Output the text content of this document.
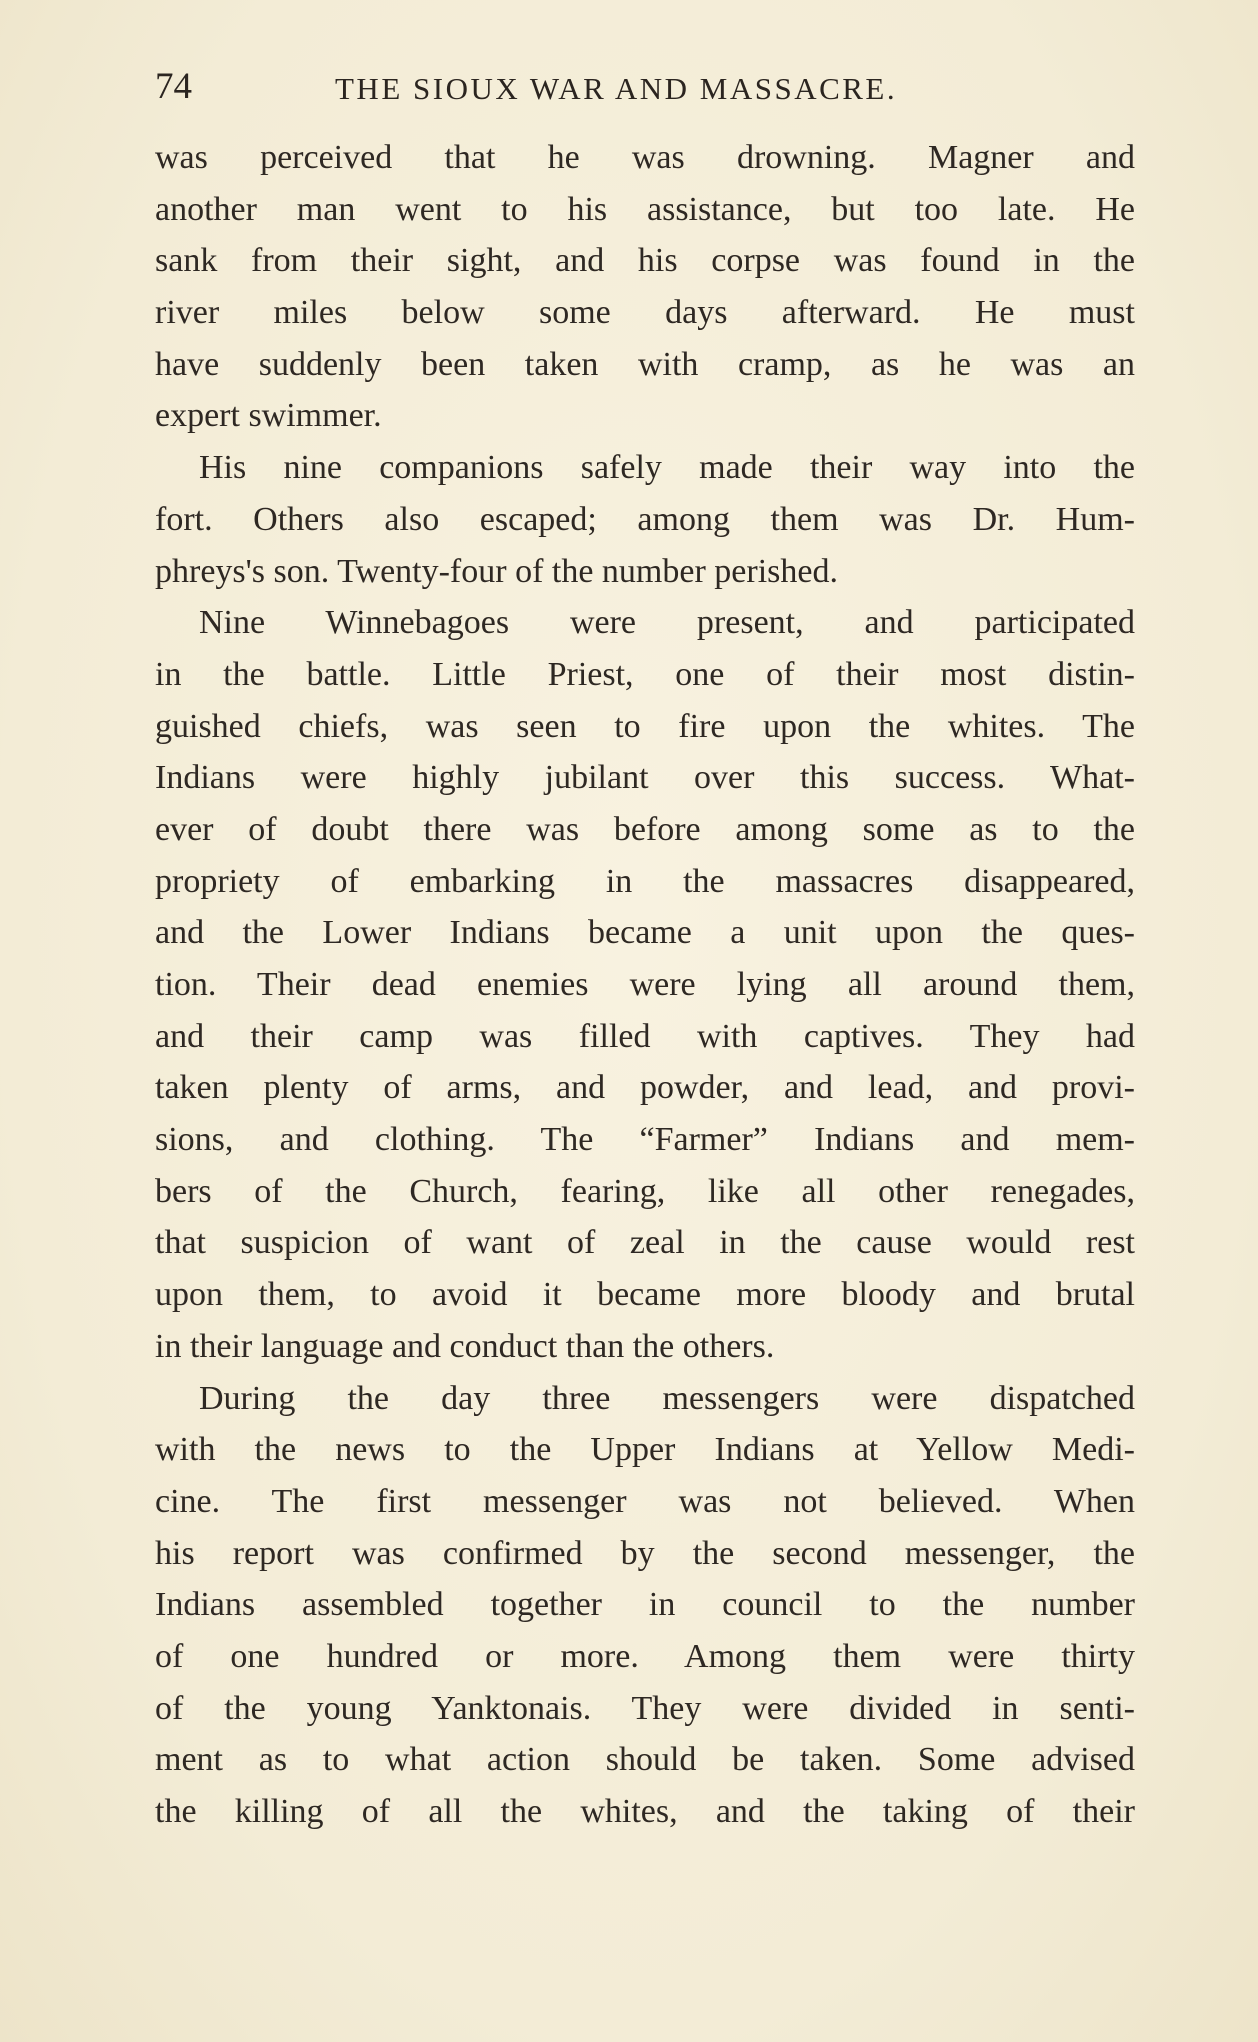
74	THE SIOUX WAR AND MASSACRE.
was perceived that he was drowning. Magner and
another man went to his assistance, but too late. He
sank from their sight, and his corpse was found in the
river miles below some days afterward. He must
have suddenly been taken with cramp, as he was an
expert swimmer.
His nine companions safely made their way into the
fort. Others also escaped; among them was Dr. Hum-
phreys's son. Twenty-four of the number perished.
Nine Winnebagoes were present, and participated
in the battle. Little Priest, one of their most distin-
guished chiefs, was seen to fire upon the whites. The
Indians were highly jubilant over this success. What-
ever of doubt there was before among some as to the
propriety of embarking in the massacres disappeared,
and the Lower Indians became a unit upon the ques-
tion. Their dead enemies were lying all around them,
and their camp was filled with captives. They had
taken plenty of arms, and powder, and lead, and provi-
sions, and clothing. The “Farmer” Indians and mem-
bers of the Church, fearing, like all other renegades,
that suspicion of want of zeal in the cause would rest
upon them, to avoid it became more bloody and brutal
in their language and conduct than the others.
During the day three messengers were dispatched
with the news to the Upper Indians at Yellow Medi-
cine. The first messenger was not believed. When
his report was confirmed by the second messenger, the
Indians assembled together in council to the number
of one hundred or more. Among them were thirty
of the young Yanktonais. They were divided in senti-
ment as to what action should be taken. Some advised
the killing of all the whites, and the taking of their
